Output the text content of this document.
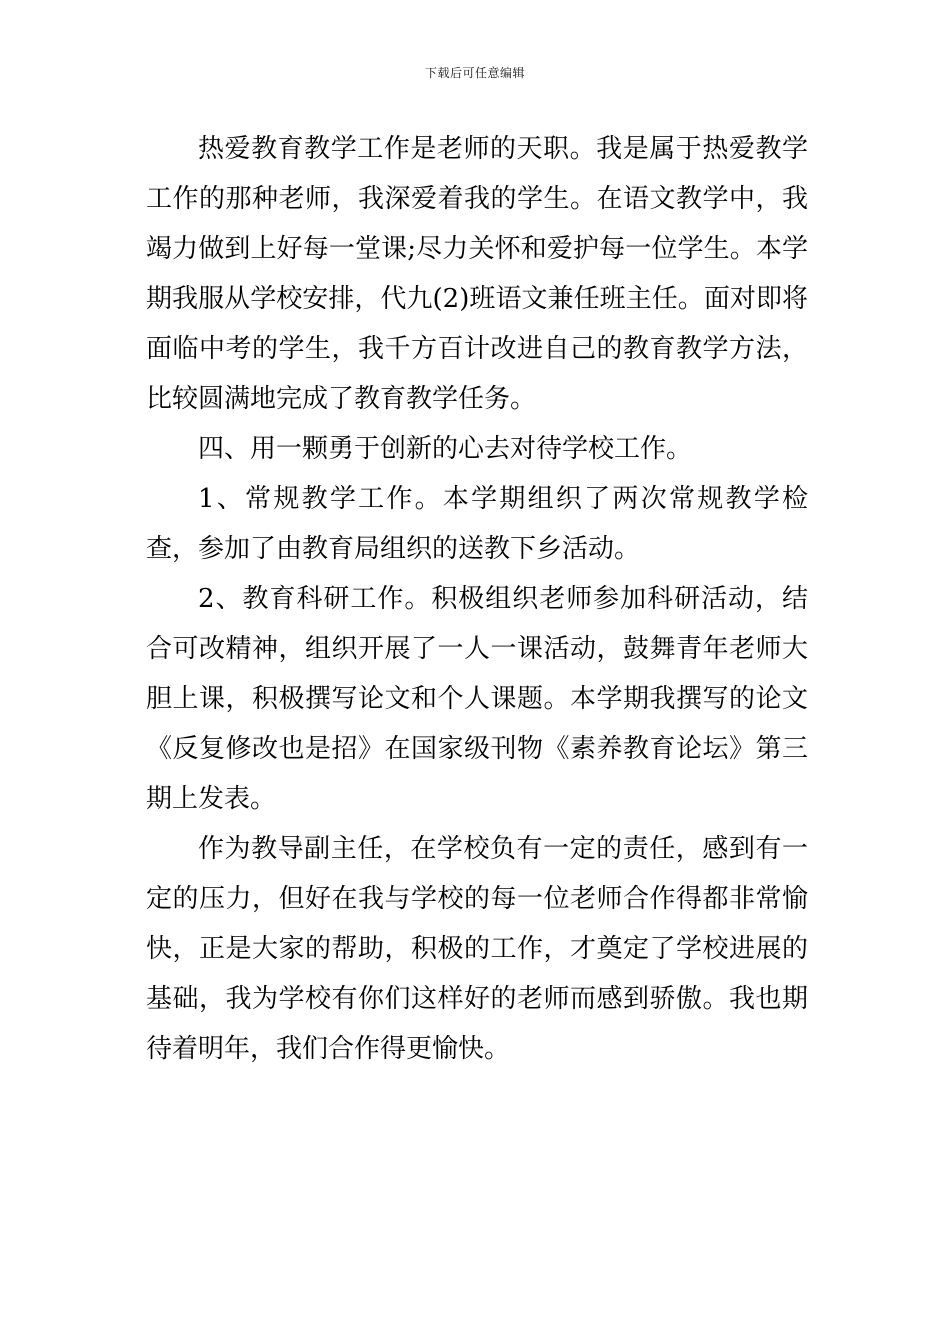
下载后可任意编辑

热爱教育教学工作是老师的天职。我是属于热爱教学工作的那种老师，我深爱着我的学生。在语文教学中，我竭力做到上好每一堂课;尽力关怀和爱护每一位学生。本学期我服从学校安排，代九(2)班语文兼任班主任。面对即将面临中考的学生，我千方百计改进自己的教育教学方法，比较圆满地完成了教育教学任务。

四、用一颗勇于创新的心去对待学校工作。

1、常规教学工作。本学期组织了两次常规教学检查，参加了由教育局组织的送教下乡活动。

2、教育科研工作。积极组织老师参加科研活动，结合可改精神，组织开展了一人一课活动，鼓舞青年老师大胆上课，积极撰写论文和个人课题。本学期我撰写的论文《反复修改也是招》在国家级刊物《素养教育论坛》第三期上发表。

作为教导副主任，在学校负有一定的责任，感到有一定的压力，但好在我与学校的每一位老师合作得都非常愉快，正是大家的帮助，积极的工作，才奠定了学校进展的基础，我为学校有你们这样好的老师而感到骄傲。我也期待着明年，我们合作得更愉快。
